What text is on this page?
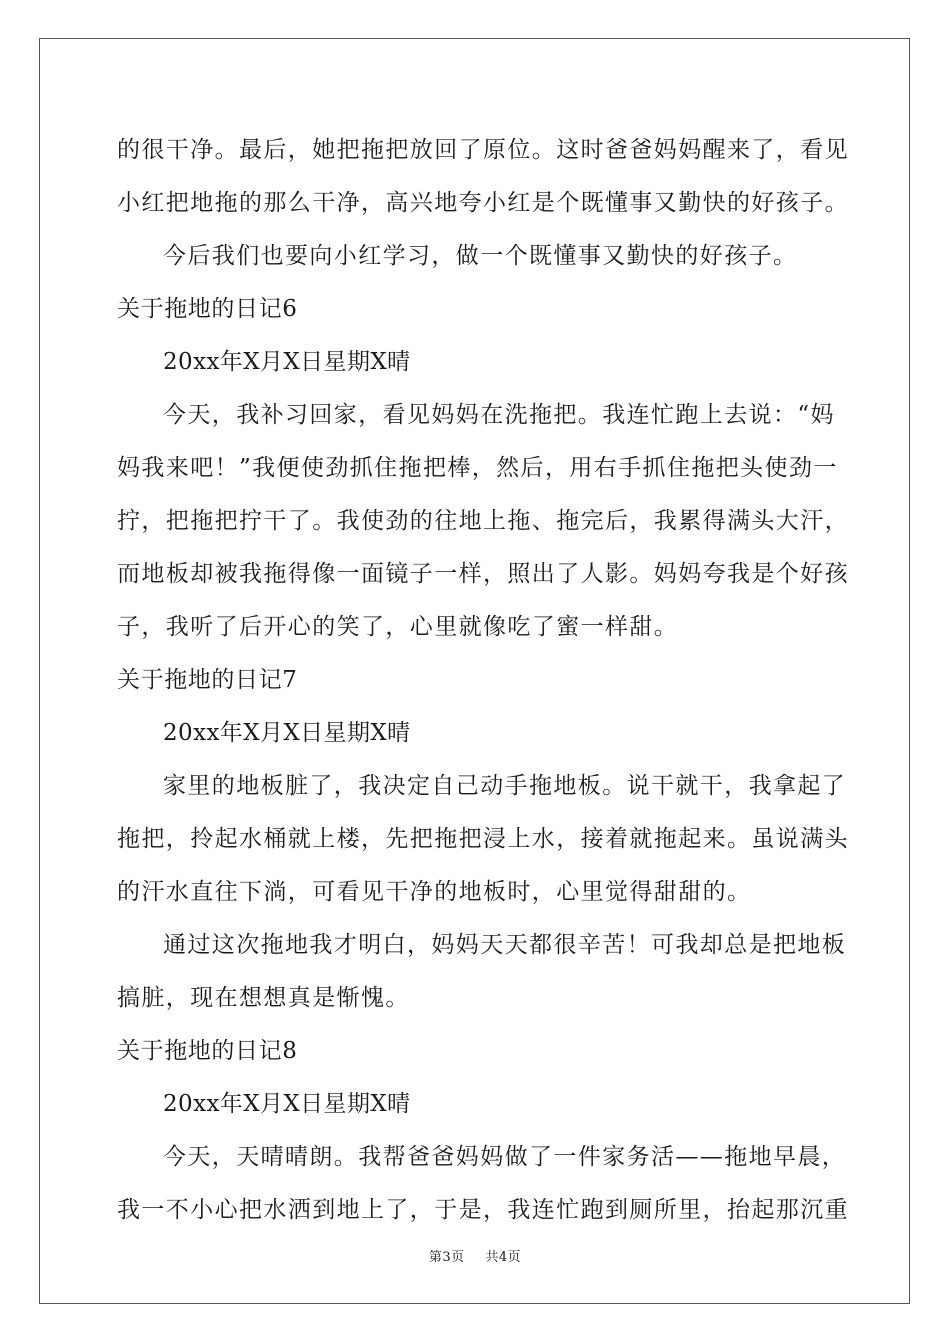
的很干净。最后，她把拖把放回了原位。这时爸爸妈妈醒来了，看见
小红把地拖的那么干净，高兴地夸小红是个既懂事又勤快的好孩子。
今后我们也要向小红学习，做一个既懂事又勤快的好孩子。
关于拖地的日记6
20xx年X月X日星期X晴
今天，我补习回家，看见妈妈在洗拖把。我连忙跑上去说：“妈
妈我来吧！”我便使劲抓住拖把棒，然后，用右手抓住拖把头使劲一
拧，把拖把拧干了。我使劲的往地上拖、拖完后，我累得满头大汗，
而地板却被我拖得像一面镜子一样，照出了人影。妈妈夸我是个好孩
子，我听了后开心的笑了，心里就像吃了蜜一样甜。
关于拖地的日记7
20xx年X月X日星期X晴
家里的地板脏了，我决定自己动手拖地板。说干就干，我拿起了
拖把，拎起水桶就上楼，先把拖把浸上水，接着就拖起来。虽说满头
的汗水直往下淌，可看见干净的地板时，心里觉得甜甜的。
通过这次拖地我才明白，妈妈天天都很辛苦！可我却总是把地板
搞脏，现在想想真是惭愧。
关于拖地的日记8
20xx年X月X日星期X晴
今天，天晴晴朗。我帮爸爸妈妈做了一件家务活——拖地早晨，
我一不小心把水洒到地上了，于是，我连忙跑到厕所里，抬起那沉重
第3页 共4页
